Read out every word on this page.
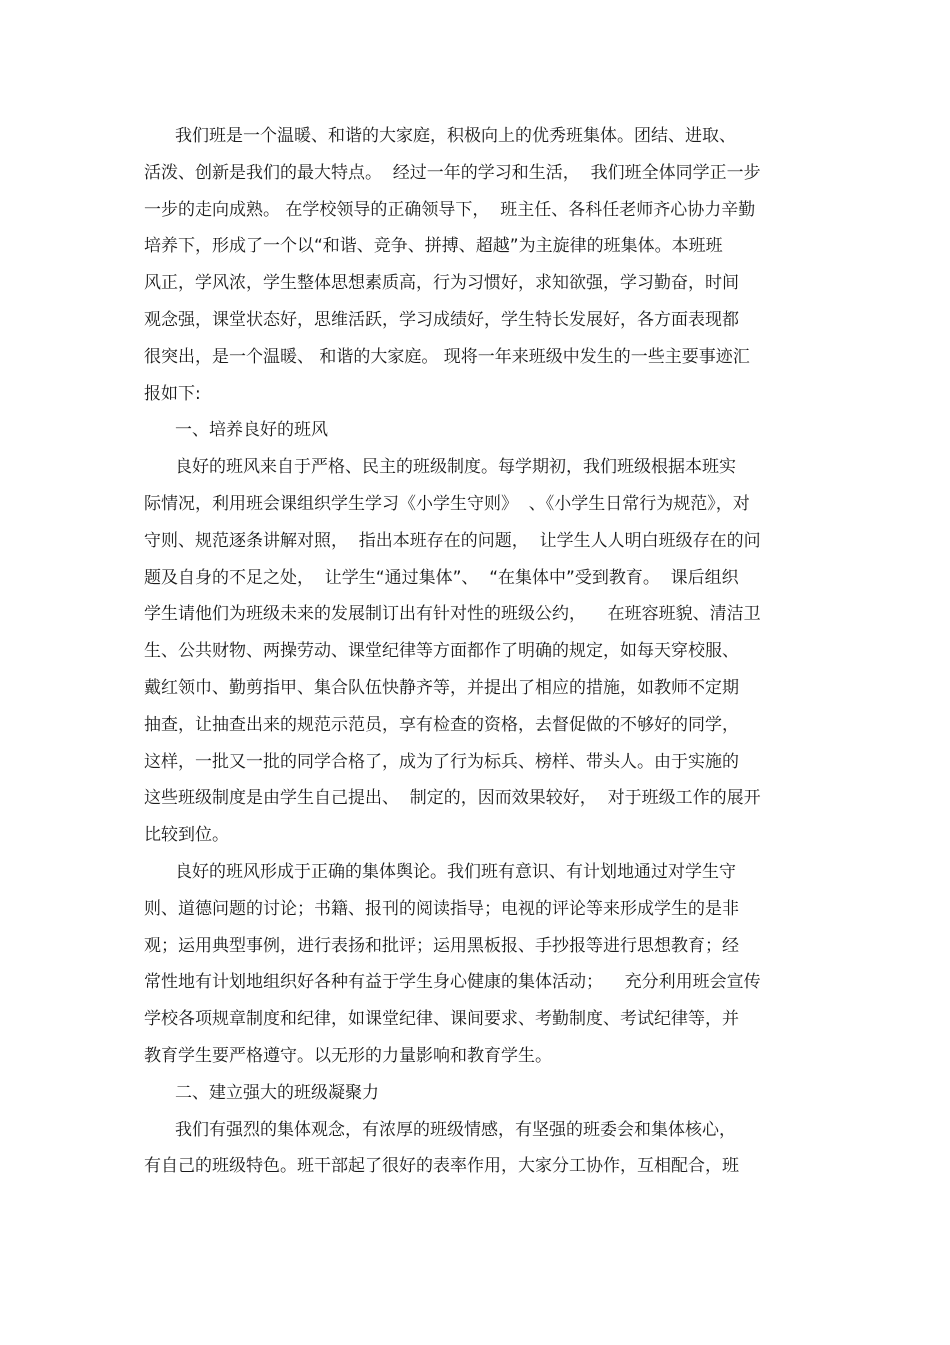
我们班是一个温暖、和谐的大家庭，积极向上的优秀班集体。团结、进取、
活泼、创新是我们的最大特点。  经过一年的学习和生活，  我们班全体同学正一步
一步的走向成熟。 在学校领导的正确领导下，  班主任、各科任老师齐心协力辛勤
培养下，形成了一个以“和谐、竞争、拼搏、超越”为主旋律的班集体。本班班
风正，学风浓，学生整体思想素质高，行为习惯好，求知欲强，学习勤奋，时间
观念强，课堂状态好，思维活跃，学习成绩好，学生特长发展好，各方面表现都
很突出，是一个温暖、 和谐的大家庭。 现将一年来班级中发生的一些主要事迹汇
报如下:
一、培养良好的班风
良好的班风来自于严格、民主的班级制度。每学期初，我们班级根据本班实
际情况，利用班会课组织学生学习《小学生守则》  、《小学生日常行为规范》，对
守则、规范逐条讲解对照，  指出本班存在的问题，  让学生人人明白班级存在的问
题及自身的不足之处，  让学生“通过集体”、  “在集体中”受到教育。  课后组织
学生请他们为班级未来的发展制订出有针对性的班级公约，    在班容班貌、清洁卫
生、公共财物、两操劳动、课堂纪律等方面都作了明确的规定，如每天穿校服、
戴红领巾、勤剪指甲、集合队伍快静齐等，并提出了相应的措施，如教师不定期
抽查，让抽查出来的规范示范员，享有检查的资格，去督促做的不够好的同学，
这样，一批又一批的同学合格了，成为了行为标兵、榜样、带头人。由于实施的
这些班级制度是由学生自己提出、  制定的，因而效果较好，  对于班级工作的展开
比较到位。
良好的班风形成于正确的集体舆论。我们班有意识、有计划地通过对学生守
则、道德问题的讨论；书籍、报刊的阅读指导；电视的评论等来形成学生的是非
观；运用典型事例，进行表扬和批评；运用黑板报、手抄报等进行思想教育；经
常性地有计划地组织好各种有益于学生身心健康的集体活动；    充分利用班会宣传
学校各项规章制度和纪律，如课堂纪律、课间要求、考勤制度、考试纪律等，并
教育学生要严格遵守。以无形的力量影响和教育学生。
二、建立强大的班级凝聚力
我们有强烈的集体观念，有浓厚的班级情感，有坚强的班委会和集体核心，
有自己的班级特色。班干部起了很好的表率作用，大家分工协作，互相配合，班
